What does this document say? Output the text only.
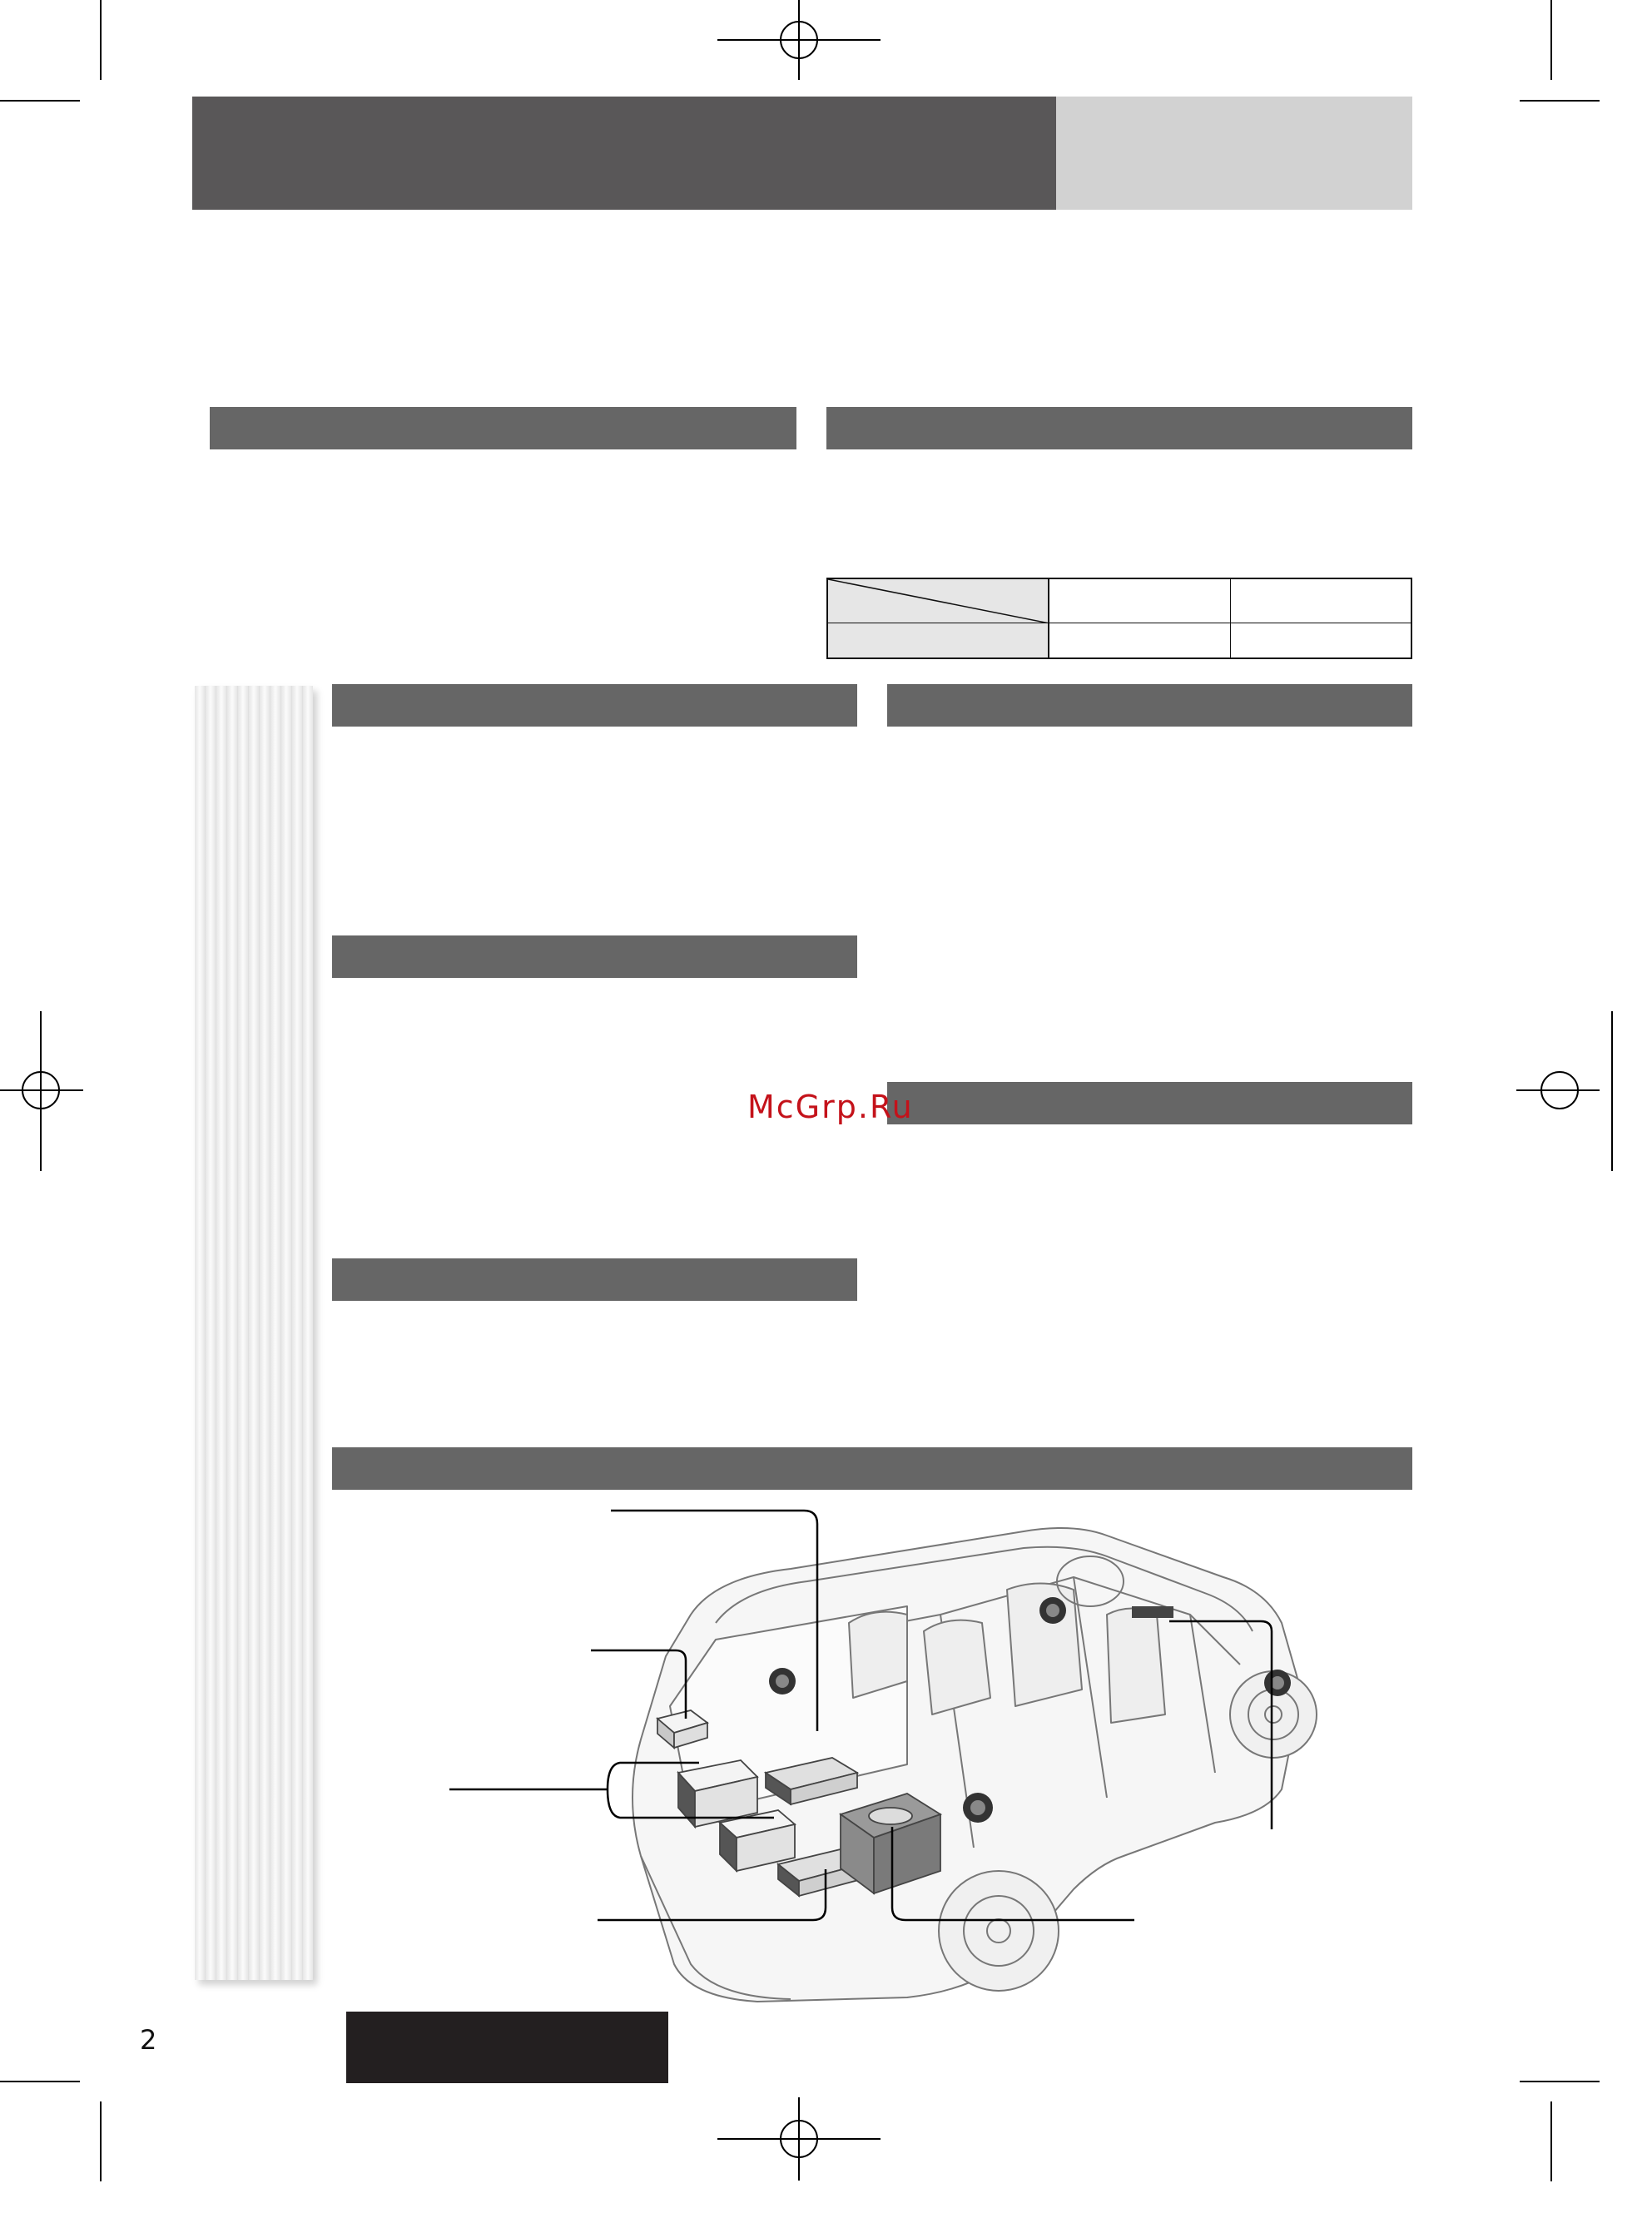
McGrp.Ru
2
